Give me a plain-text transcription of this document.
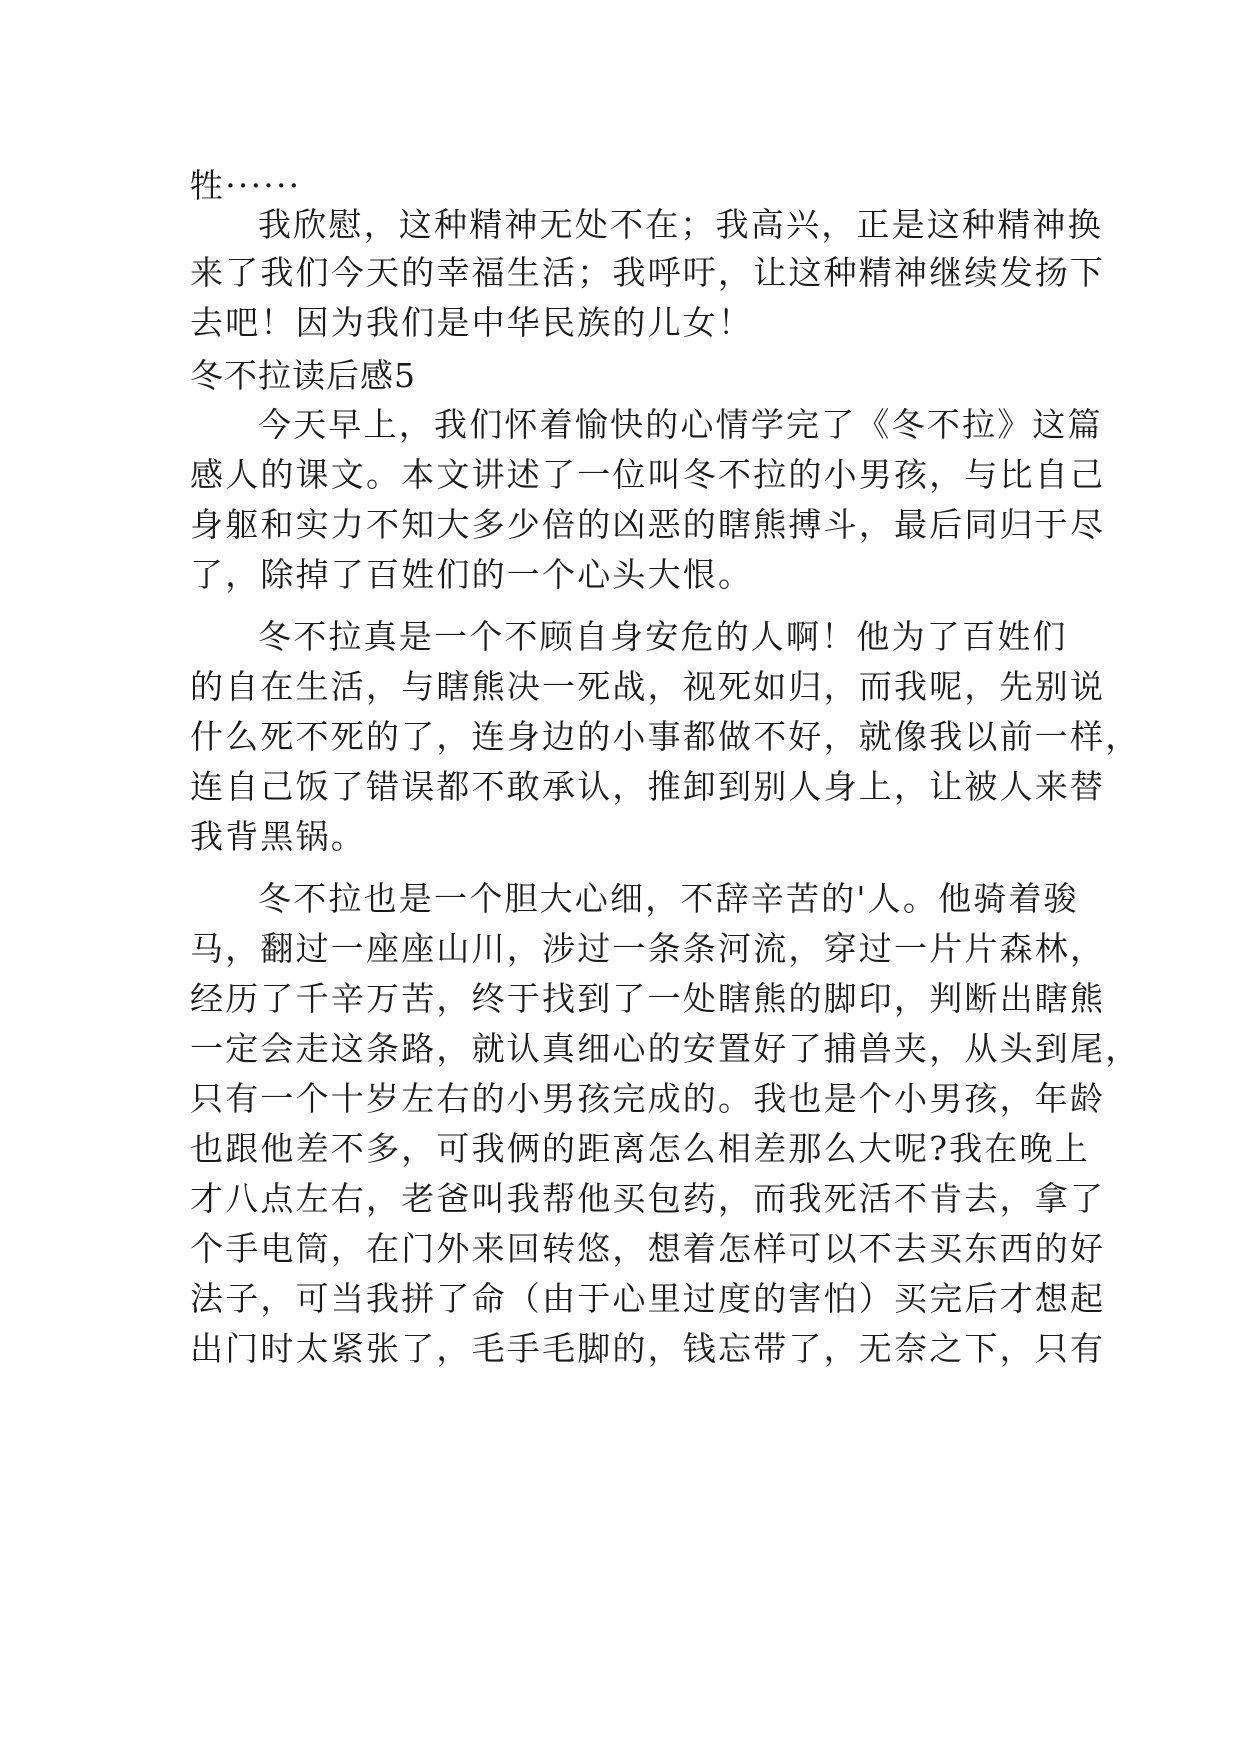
牲······
我欣慰，这种精神无处不在；我高兴，正是这种精神换
来了我们今天的幸福生活；我呼吁，让这种精神继续发扬下
去吧！因为我们是中华民族的儿女！
冬不拉读后感5
今天早上，我们怀着愉快的心情学完了《冬不拉》这篇
感人的课文。本文讲述了一位叫冬不拉的小男孩，与比自己
身躯和实力不知大多少倍的凶恶的瞎熊搏斗，最后同归于尽
了，除掉了百姓们的一个心头大恨。
冬不拉真是一个不顾自身安危的人啊！他为了百姓们
的自在生活，与瞎熊决一死战，视死如归，而我呢，先别说
什么死不死的了，连身边的小事都做不好，就像我以前一样，
连自己饭了错误都不敢承认，推卸到别人身上，让被人来替
我背黑锅。
冬不拉也是一个胆大心细，不辞辛苦的'人。他骑着骏
马，翻过一座座山川，涉过一条条河流，穿过一片片森林，
经历了千辛万苦，终于找到了一处瞎熊的脚印，判断出瞎熊
一定会走这条路，就认真细心的安置好了捕兽夹，从头到尾，
只有一个十岁左右的小男孩完成的。我也是个小男孩，年龄
也跟他差不多，可我俩的距离怎么相差那么大呢?我在晚上
才八点左右，老爸叫我帮他买包药，而我死活不肯去，拿了
个手电筒，在门外来回转悠，想着怎样可以不去买东西的好
法子，可当我拼了命（由于心里过度的害怕）买完后才想起
出门时太紧张了，毛手毛脚的，钱忘带了，无奈之下，只有
